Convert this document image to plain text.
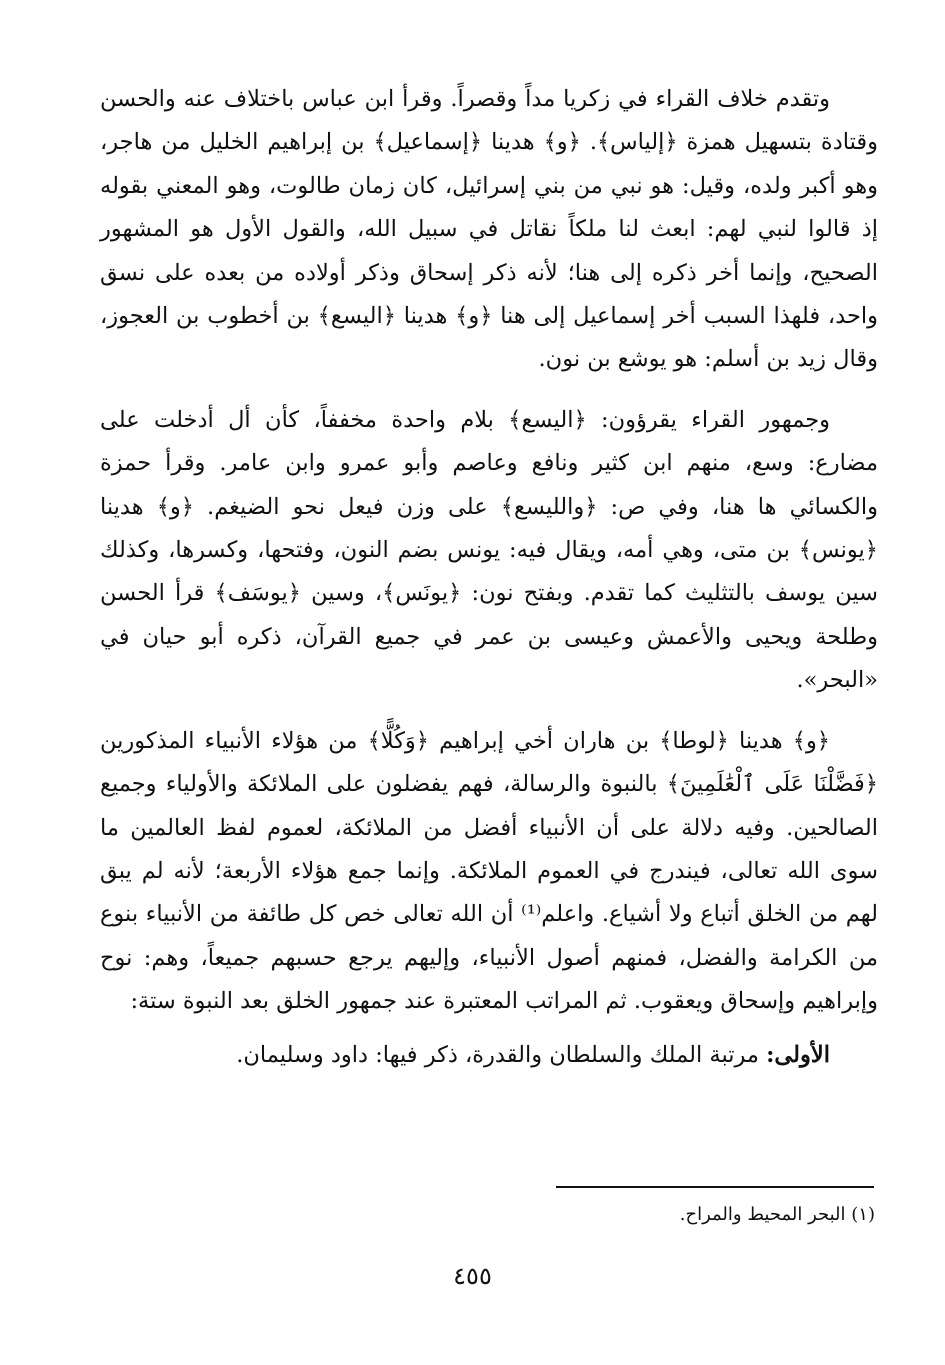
وتقدم خلاف القراء في زكريا مداً وقصراً. وقرأ ابن عباس باختلاف عنه والحسن وقتادة بتسهيل همزة ﴿إلياس﴾. ﴿و﴾ هدينا ﴿إسماعيل﴾ بن إبراهيم الخليل من هاجر، وهو أكبر ولده، وقيل: هو نبي من بني إسرائيل، كان زمان طالوت، وهو المعني بقوله إذ قالوا لنبي لهم: ابعث لنا ملكاً نقاتل في سبيل الله، والقول الأول هو المشهور الصحيح، وإنما أخر ذكره إلى هنا؛ لأنه ذكر إسحاق وذكر أولاده من بعده على نسق واحد، فلهذا السبب أخر إسماعيل إلى هنا ﴿و﴾ هدينا ﴿اليسع﴾ بن أخطوب بن العجوز، وقال زيد بن أسلم: هو يوشع بن نون.

وجمهور القراء يقرؤون: ﴿اليسع﴾ بلام واحدة مخففاً، كأن أل أدخلت على مضارع: وسع، منهم ابن كثير ونافع وعاصم وأبو عمرو وابن عامر. وقرأ حمزة والكسائي ها هنا، وفي ص: ﴿والليسع﴾ على وزن فيعل نحو الضيغم. ﴿و﴾ هدينا ﴿يونس﴾ بن متى، وهي أمه، ويقال فيه: يونس بضم النون، وفتحها، وكسرها، وكذلك سين يوسف بالتثليث كما تقدم. وبفتح نون: ﴿يونَس﴾، وسين ﴿يوسَف﴾ قرأ الحسن وطلحة ويحيى والأعمش وعيسى بن عمر في جميع القرآن، ذكره أبو حيان في «البحر».

﴿و﴾ هدينا ﴿لوطا﴾ بن هاران أخي إبراهيم ﴿وَكُلًّا﴾ من هؤلاء الأنبياء المذكورين ﴿فَضَّلْنَا عَلَى ٱلْعَٰلَمِينَ﴾ بالنبوة والرسالة، فهم يفضلون على الملائكة والأولياء وجميع الصالحين. وفيه دلالة على أن الأنبياء أفضل من الملائكة، لعموم لفظ العالمين ما سوى الله تعالى، فيندرج في العموم الملائكة. وإنما جمع هؤلاء الأربعة؛ لأنه لم يبق لهم من الخلق أتباع ولا أشياع. واعلم⁽¹⁾ أن الله تعالى خص كل طائفة من الأنبياء بنوع من الكرامة والفضل، فمنهم أصول الأنبياء، وإليهم يرجع حسبهم جميعاً، وهم: نوح وإبراهيم وإسحاق ويعقوب. ثم المراتب المعتبرة عند جمهور الخلق بعد النبوة ستة:

الأولى: مرتبة الملك والسلطان والقدرة، ذكر فيها: داود وسليمان.

(١) البحر المحيط والمراح.
٤٥٥
